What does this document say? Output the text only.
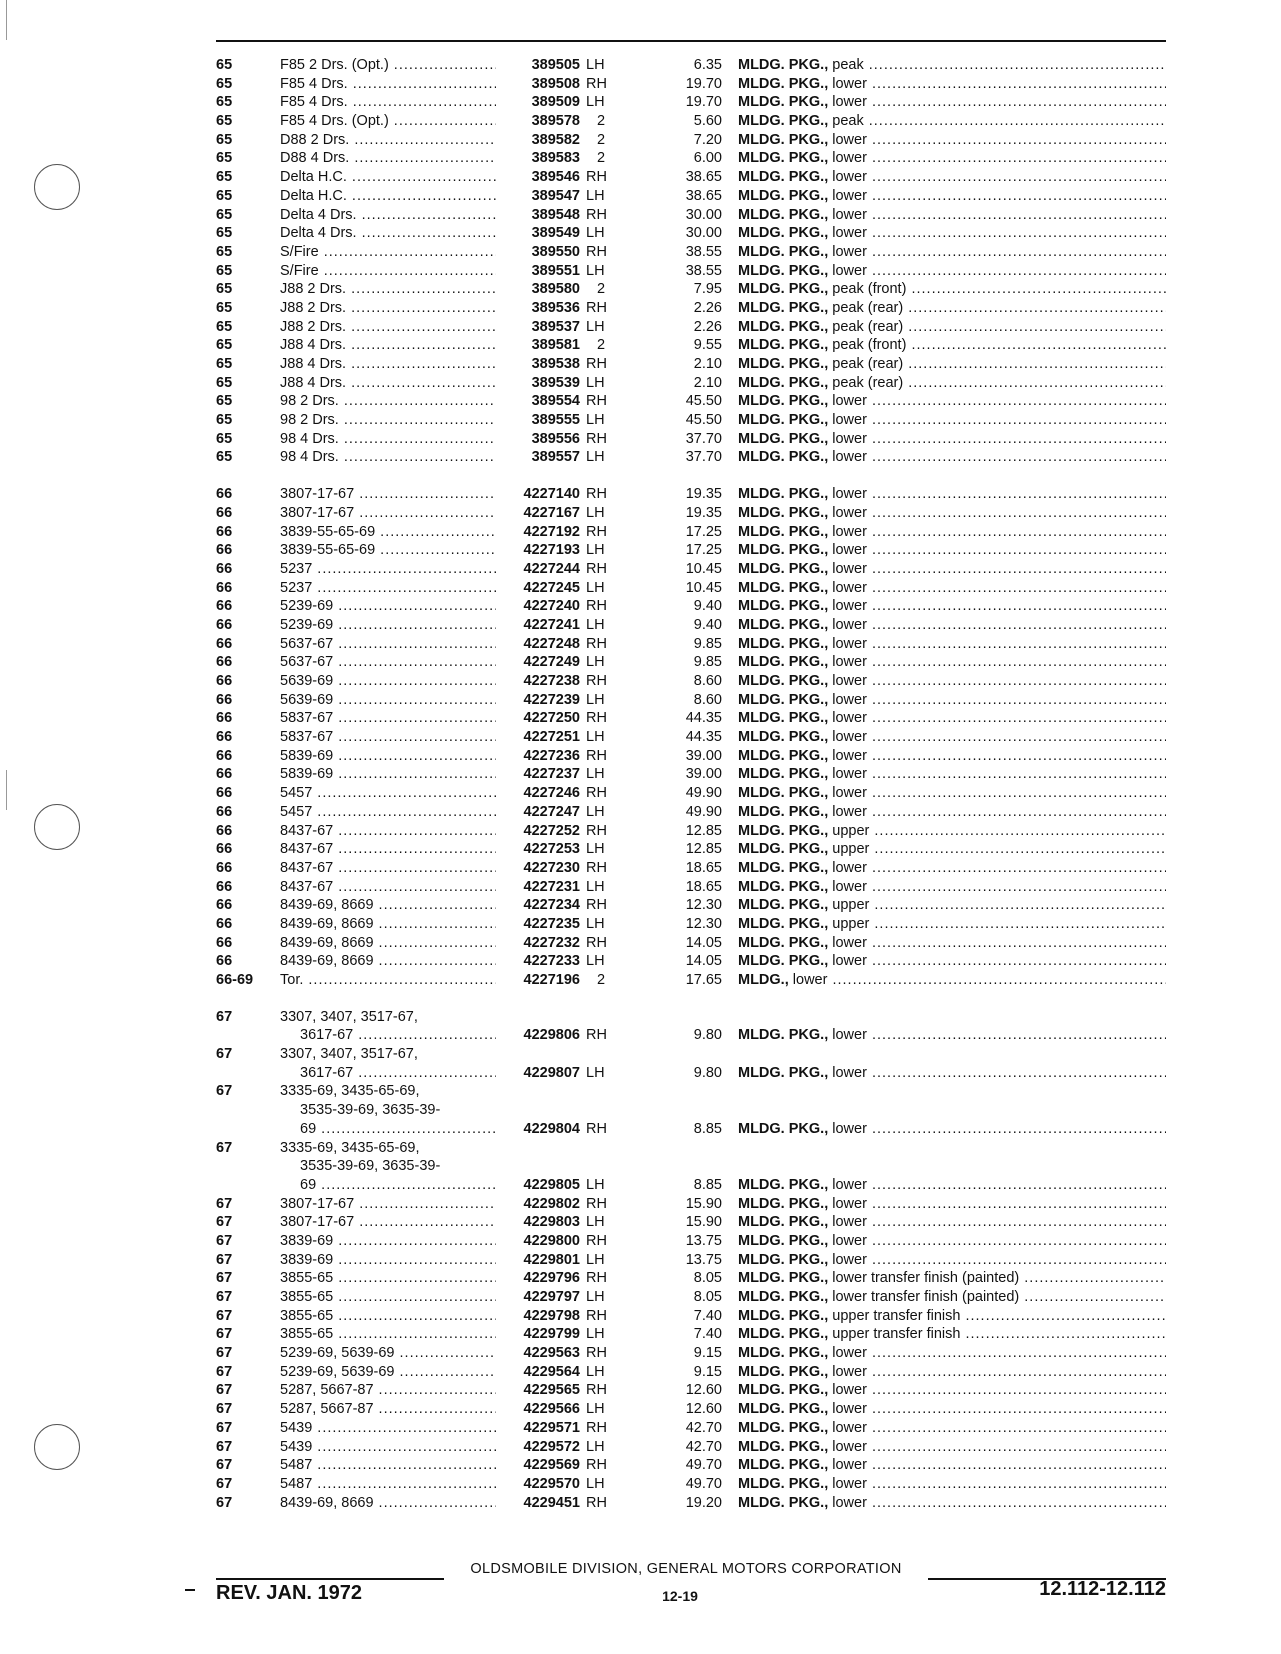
65	F85 2 Drs. (Opt.) .....	389505 LH	6.35 MLDG. PKG., peak .....
65	F85 4 Drs. .....	389508 RH	19.70 MLDG. PKG., lower .....
65	F85 4 Drs. .....	389509 LH	19.70 MLDG. PKG., lower .....
65	F85 4 Drs. (Opt.) .....	389578	2	5.60 MLDG. PKG., peak .....
65	D88 2 Drs. .....	389582	2	7.20 MLDG. PKG., lower .....
65	D88 4 Drs. .....	389583	2	6.00 MLDG. PKG., lower .....
65	Delta H.C. .....	389546 RH	38.65 MLDG. PKG., lower .....
65	Delta H.C. .....	389547 LH	38.65 MLDG. PKG., lower .....
65	Delta 4 Drs. .....	389548 RH	30.00 MLDG. PKG., lower .....
65	Delta 4 Drs. .....	389549 LH	30.00 MLDG. PKG., lower .....
65	S/Fire .....	389550 RH	38.55 MLDG. PKG., lower .....
65	S/Fire .....	389551 LH	38.55 MLDG. PKG., lower .....
65	J88 2 Drs. .....	389580	2	7.95 MLDG. PKG., peak (front) .....
65	J88 2 Drs. .....	389536 RH	2.26 MLDG. PKG., peak (rear) .....
65	J88 2 Drs. .....	389537 LH	2.26 MLDG. PKG., peak (rear) .....
65	J88 4 Drs. .....	389581	2	9.55 MLDG. PKG., peak (front) .....
65	J88 4 Drs. .....	389538 RH	2.10 MLDG. PKG., peak (rear) .....
65	J88 4 Drs. .....	389539 LH	2.10 MLDG. PKG., peak (rear) .....
65	98 2 Drs. .....	389554 RH	45.50 MLDG. PKG., lower .....
65	98 2 Drs. .....	389555 LH	45.50 MLDG. PKG., lower .....
65	98 4 Drs. .....	389556 RH	37.70 MLDG. PKG., lower .....
65	98 4 Drs. .....	389557 LH	37.70 MLDG. PKG., lower .....
66	3807-17-67 .....	4227140 RH	19.35 MLDG. PKG., lower .....
66	3807-17-67 .....	4227167 LH	19.35 MLDG. PKG., lower .....
66	3839-55-65-69 .....	4227192 RH	17.25 MLDG. PKG., lower .....
66	3839-55-65-69 .....	4227193 LH	17.25 MLDG. PKG., lower .....
66	5237 .....	4227244 RH	10.45 MLDG. PKG., lower .....
66	5237 .....	4227245 LH	10.45 MLDG. PKG., lower .....
66	5239-69 .....	4227240 RH	9.40 MLDG. PKG., lower .....
66	5239-69 .....	4227241 LH	9.40 MLDG. PKG., lower .....
66	5637-67 .....	4227248 RH	9.85 MLDG. PKG., lower .....
66	5637-67 .....	4227249 LH	9.85 MLDG. PKG., lower .....
66	5639-69 .....	4227238 RH	8.60 MLDG. PKG., lower .....
66	5639-69 .....	4227239 LH	8.60 MLDG. PKG., lower .....
66	5837-67 .....	4227250 RH	44.35 MLDG. PKG., lower .....
66	5837-67 .....	4227251 LH	44.35 MLDG. PKG., lower .....
66	5839-69 .....	4227236 RH	39.00 MLDG. PKG., lower .....
66	5839-69 .....	4227237 LH	39.00 MLDG. PKG., lower .....
66	5457 .....	4227246 RH	49.90 MLDG. PKG., lower .....
66	5457 .....	4227247 LH	49.90 MLDG. PKG., lower .....
66	8437-67 .....	4227252 RH	12.85 MLDG. PKG., upper .....
66	8437-67 .....	4227253 LH	12.85 MLDG. PKG., upper .....
66	8437-67 .....	4227230 RH	18.65 MLDG. PKG., lower .....
66	8437-67 .....	4227231 LH	18.65 MLDG. PKG., lower .....
66	8439-69, 8669 .....	4227234 RH	12.30 MLDG. PKG., upper .....
66	8439-69, 8669 .....	4227235 LH	12.30 MLDG. PKG., upper .....
66	8439-69, 8669 .....	4227232 RH	14.05 MLDG. PKG., lower .....
66	8439-69, 8669 .....	4227233 LH	14.05 MLDG. PKG., lower .....
66-69	Tor. .....	4227196	2	17.65 MLDG., lower .....
67	3307, 3407, 3517-67,
3617-67 .....	4229806 RH	9.80 MLDG. PKG., lower .....
67	3307, 3407, 3517-67,
3617-67 .....	4229807 LH	9.80 MLDG. PKG., lower .....
67	3335-69, 3435-65-69,
3535-39-69, 3635-39-
69 .....	4229804 RH	8.85 MLDG. PKG., lower .....
67	3335-69, 3435-65-69,
3535-39-69, 3635-39-
69 .....	4229805 LH	8.85 MLDG. PKG., lower .....
67	3807-17-67 .....	4229802 RH	15.90 MLDG. PKG., lower .....
67	3807-17-67 .....	4229803 LH	15.90 MLDG. PKG., lower .....
67	3839-69 .....	4229800 RH	13.75 MLDG. PKG., lower .....
67	3839-69 .....	4229801 LH	13.75 MLDG. PKG., lower .....
67	3855-65 .....	4229796 RH	8.05 MLDG. PKG., lower transfer finish (painted) .....
67	3855-65 .....	4229797 LH	8.05 MLDG. PKG., lower transfer finish (painted) .....
67	3855-65 .....	4229798 RH	7.40 MLDG. PKG., upper transfer finish .....
67	3855-65 .....	4229799 LH	7.40 MLDG. PKG., upper transfer finish .....
67	5239-69, 5639-69 .....	4229563 RH	9.15 MLDG. PKG., lower .....
67	5239-69, 5639-69 .....	4229564 LH	9.15 MLDG. PKG., lower .....
67	5287, 5667-87 .....	4229565 RH	12.60 MLDG. PKG., lower .....
67	5287, 5667-87 .....	4229566 LH	12.60 MLDG. PKG., lower .....
67	5439 .....	4229571 RH	42.70 MLDG. PKG., lower .....
67	5439 .....	4229572 LH	42.70 MLDG. PKG., lower .....
67	5487 .....	4229569 RH	49.70 MLDG. PKG., lower .....
67	5487 .....	4229570 LH	49.70 MLDG. PKG., lower .....
67	8439-69, 8669 .....	4229451 RH	19.20 MLDG. PKG., lower .....
OLDSMOBILE DIVISION, GENERAL MOTORS CORPORATION
REV. JAN. 1972	12-19	12.112-12.112
